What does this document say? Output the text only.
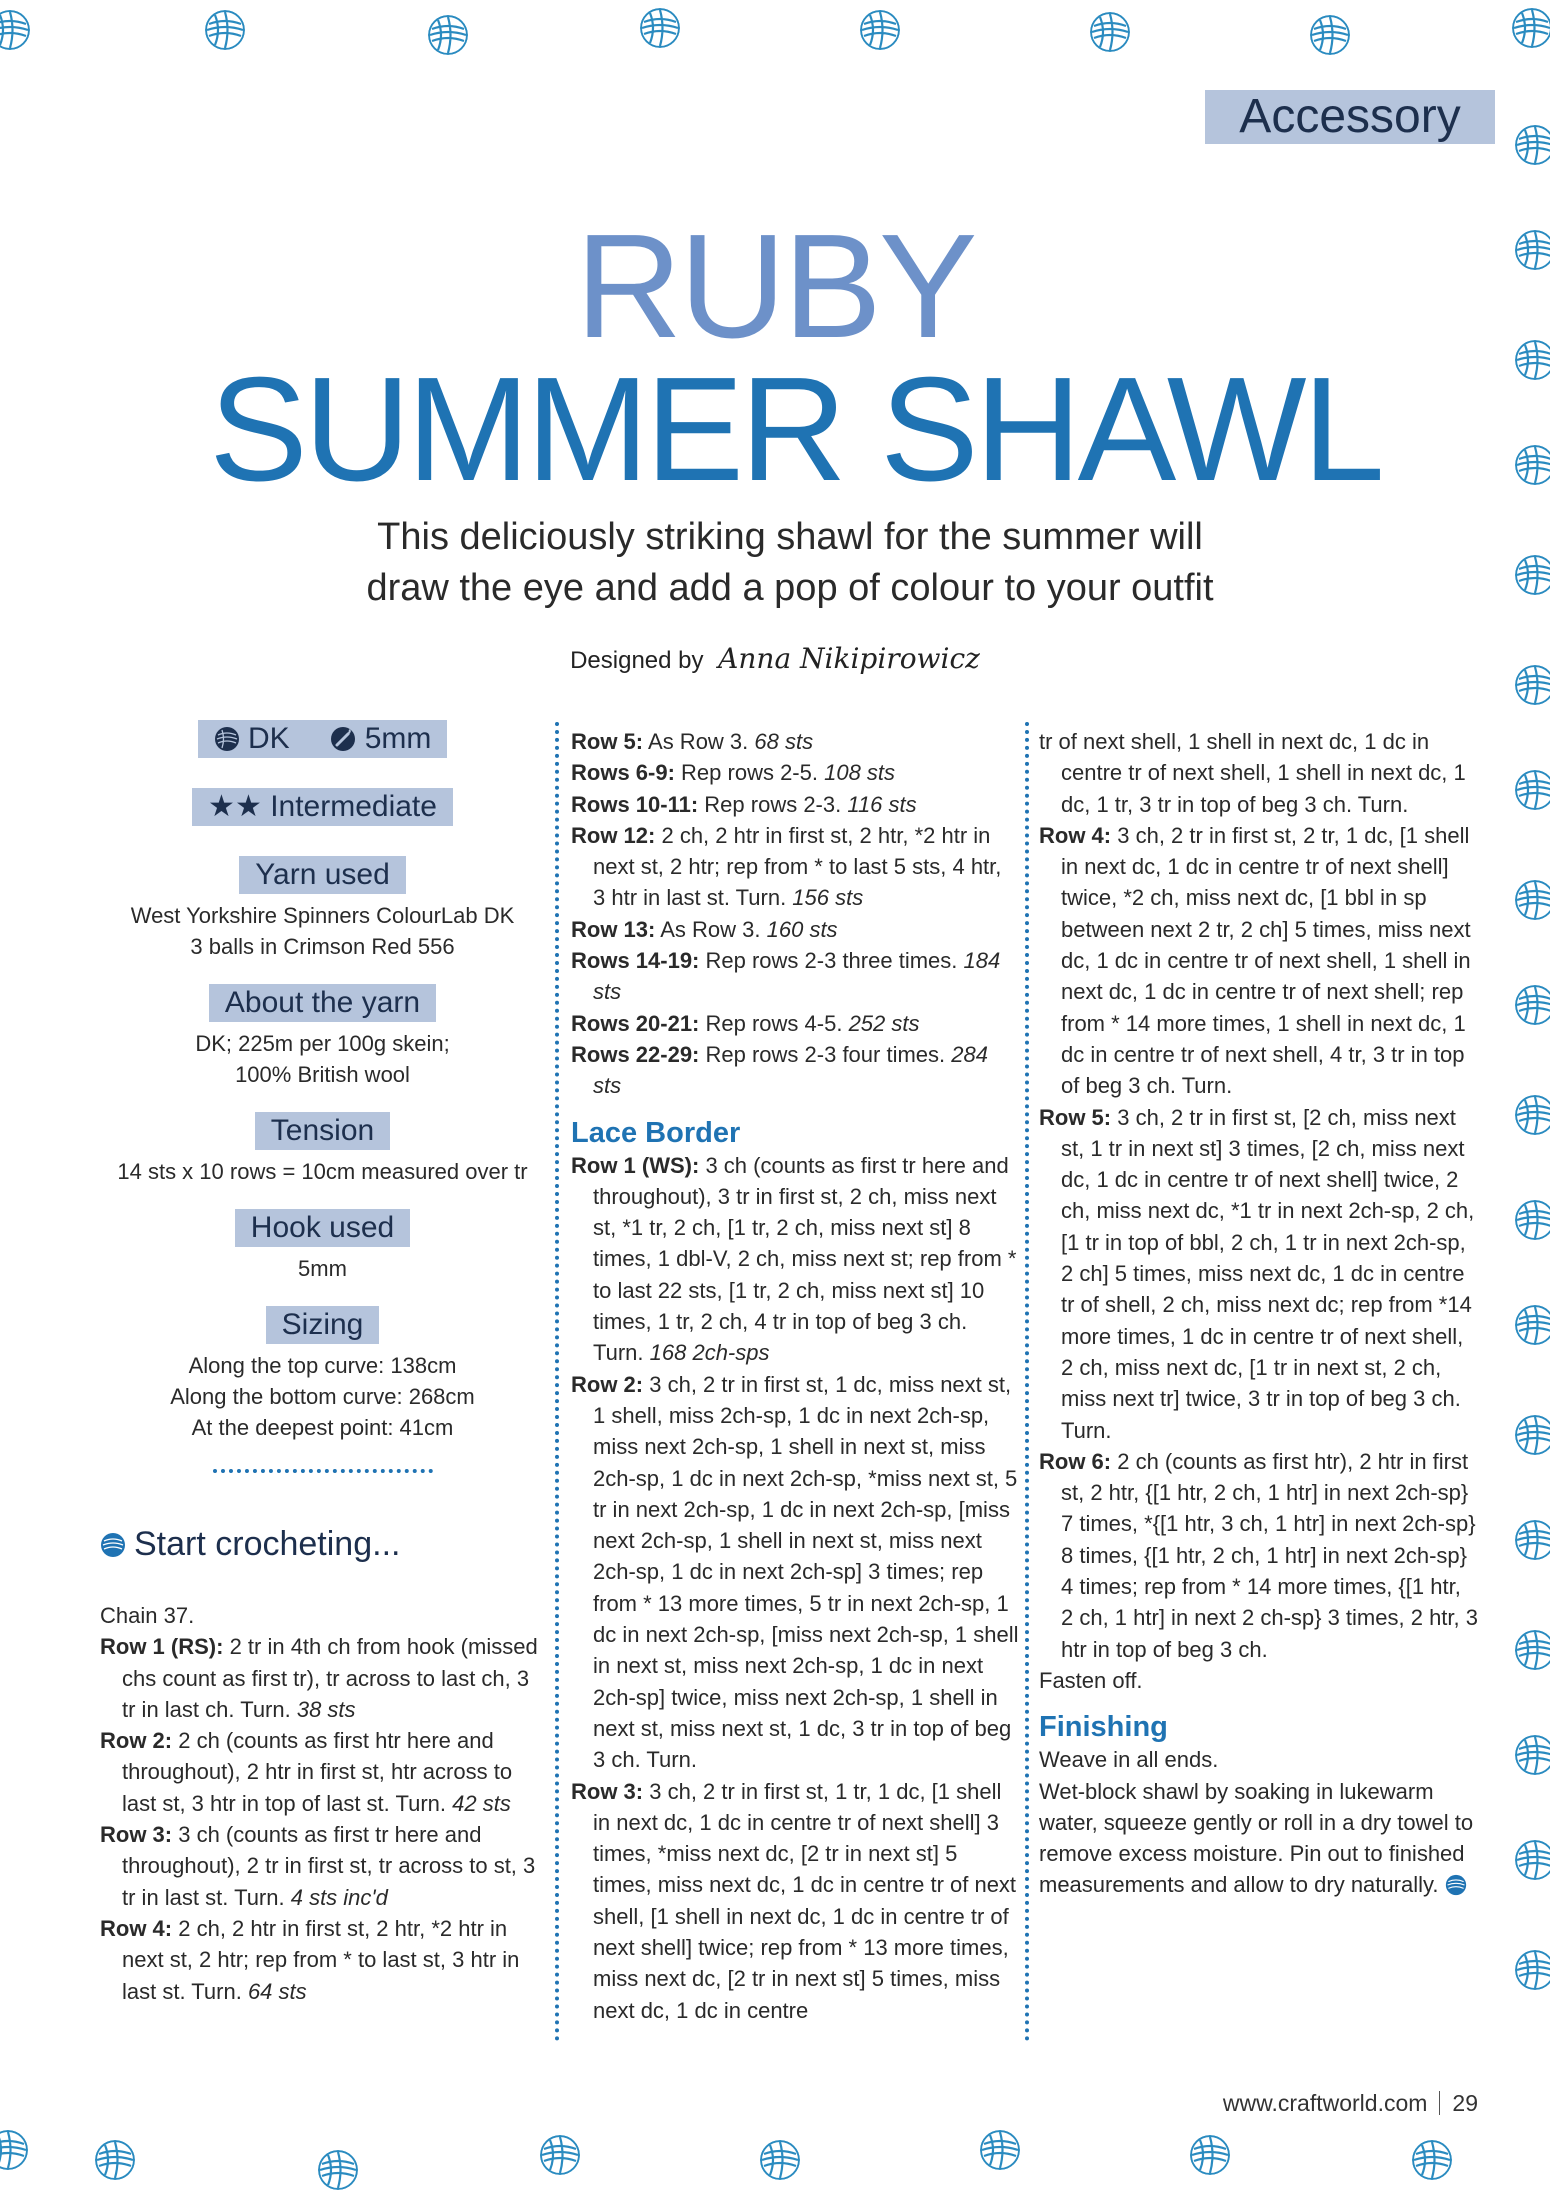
Accessory
RUBY
SUMMER SHAWL
This deliciously striking shawl for the summer will
draw the eye and add a pop of colour to your outfit
Designed by Anna Nikipirowicz
DK	5mm
★★ Intermediate
Yarn used
West Yorkshire Spinners ColourLab DK
3 balls in Crimson Red 556
About the yarn
DK; 225m per 100g skein;
100% British wool
Tension
14 sts x 10 rows = 10cm measured over tr
Hook used
5mm
Sizing
Along the top curve: 138cm
Along the bottom curve: 268cm
At the deepest point: 41cm
Start crocheting...

Chain 37.

Row 1 (RS): 2 tr in 4th ch from hook (missed chs count as first tr), tr across to last ch, 3 tr in last ch. Turn. 38 sts

Row 2: 2 ch (counts as first htr here and throughout), 2 htr in first st, htr across to last st, 3 htr in top of last st. Turn. 42 sts

Row 3: 3 ch (counts as first tr here and throughout), 2 tr in first st, tr across to st, 3 tr in last st. Turn. 4 sts inc'd

Row 4: 2 ch, 2 htr in first st, 2 htr, *2 htr in next st, 2 htr; rep from * to last st, 3 htr in last st. Turn. 64 sts

Row 5: As Row 3. 68 sts

Rows 6-9: Rep rows 2-5. 108 sts

Rows 10-11: Rep rows 2-3. 116 sts

Row 12: 2 ch, 2 htr in first st, 2 htr, *2 htr in next st, 2 htr; rep from * to last 5 sts, 4 htr, 3 htr in last st. Turn. 156 sts

Row 13: As Row 3. 160 sts

Rows 14-19: Rep rows 2-3 three times. 184 sts

Rows 20-21: Rep rows 4-5. 252 sts

Rows 22-29: Rep rows 2-3 four times. 284 sts

Lace Border

Row 1 (WS): 3 ch (counts as first tr here and throughout), 3 tr in first st, 2 ch, miss next st, *1 tr, 2 ch, [1 tr, 2 ch, miss next st] 8 times, 1 dbl-V, 2 ch, miss next st; rep from * to last 22 sts, [1 tr, 2 ch, miss next st] 10 times, 1 tr, 2 ch, 4 tr in top of beg 3 ch. Turn. 168 2ch-sps

Row 2: 3 ch, 2 tr in first st, 1 dc, miss next st, 1 shell, miss 2ch-sp, 1 dc in next 2ch-sp, miss next 2ch-sp, 1 shell in next st, miss 2ch-sp, 1 dc in next 2ch-sp, *miss next st, 5 tr in next 2ch-sp, 1 dc in next 2ch-sp, [miss next 2ch-sp, 1 shell in next st, miss next 2ch-sp, 1 dc in next 2ch-sp] 3 times; rep from * 13 more times, 5 tr in next 2ch-sp, 1 dc in next 2ch-sp, [miss next 2ch-sp, 1 shell in next st, miss next 2ch-sp, 1 dc in next 2ch-sp] twice, miss next 2ch-sp, 1 shell in next st, miss next st, 1 dc, 3 tr in top of beg 3 ch. Turn.

Row 3: 3 ch, 2 tr in first st, 1 tr, 1 dc, [1 shell in next dc, 1 dc in centre tr of next shell] 3 times, *miss next dc, [2 tr in next st] 5 times, miss next dc, 1 dc in centre tr of next shell, [1 shell in next dc, 1 dc in centre tr of next shell] twice; rep from * 13 more times, miss next dc, [2 tr in next st] 5 times, miss next dc, 1 dc in centre

tr of next shell, 1 shell in next dc, 1 dc in centre tr of next shell, 1 shell in next dc, 1 dc, 1 tr, 3 tr in top of beg 3 ch. Turn.

Row 4: 3 ch, 2 tr in first st, 2 tr, 1 dc, [1 shell in next dc, 1 dc in centre tr of next shell] twice, *2 ch, miss next dc, [1 bbl in sp between next 2 tr, 2 ch] 5 times, miss next dc, 1 dc in centre tr of next shell, 1 shell in next dc, 1 dc in centre tr of next shell; rep from * 14 more times, 1 shell in next dc, 1 dc in centre tr of next shell, 4 tr, 3 tr in top of beg 3 ch. Turn.

Row 5: 3 ch, 2 tr in first st, [2 ch, miss next st, 1 tr in next st] 3 times, [2 ch, miss next dc, 1 dc in centre tr of next shell] twice, 2 ch, miss next dc, *1 tr in next 2ch-sp, 2 ch, [1 tr in top of bbl, 2 ch, 1 tr in next 2ch-sp, 2 ch] 5 times, miss next dc, 1 dc in centre tr of shell, 2 ch, miss next dc; rep from *14 more times, 1 dc in centre tr of next shell, 2 ch, miss next dc, [1 tr in next st, 2 ch, miss next tr] twice, 3 tr in top of beg 3 ch. Turn.

Row 6: 2 ch (counts as first htr), 2 htr in first st, 2 htr, {[1 htr, 2 ch, 1 htr] in next 2ch-sp} 7 times, *{[1 htr, 3 ch, 1 htr] in next 2ch-sp} 8 times, {[1 htr, 2 ch, 1 htr] in next 2ch-sp} 4 times; rep from * 14 more times, {[1 htr, 2 ch, 1 htr] in next 2 ch-sp} 3 times, 2 htr, 3 htr in top of beg 3 ch.

Fasten off.

Finishing
Weave in all ends.
Wet-block shawl by soaking in lukewarm water, squeeze gently or roll in a dry towel to remove excess moisture. Pin out to finished measurements and allow to dry naturally.
www.craftworld.com 29
